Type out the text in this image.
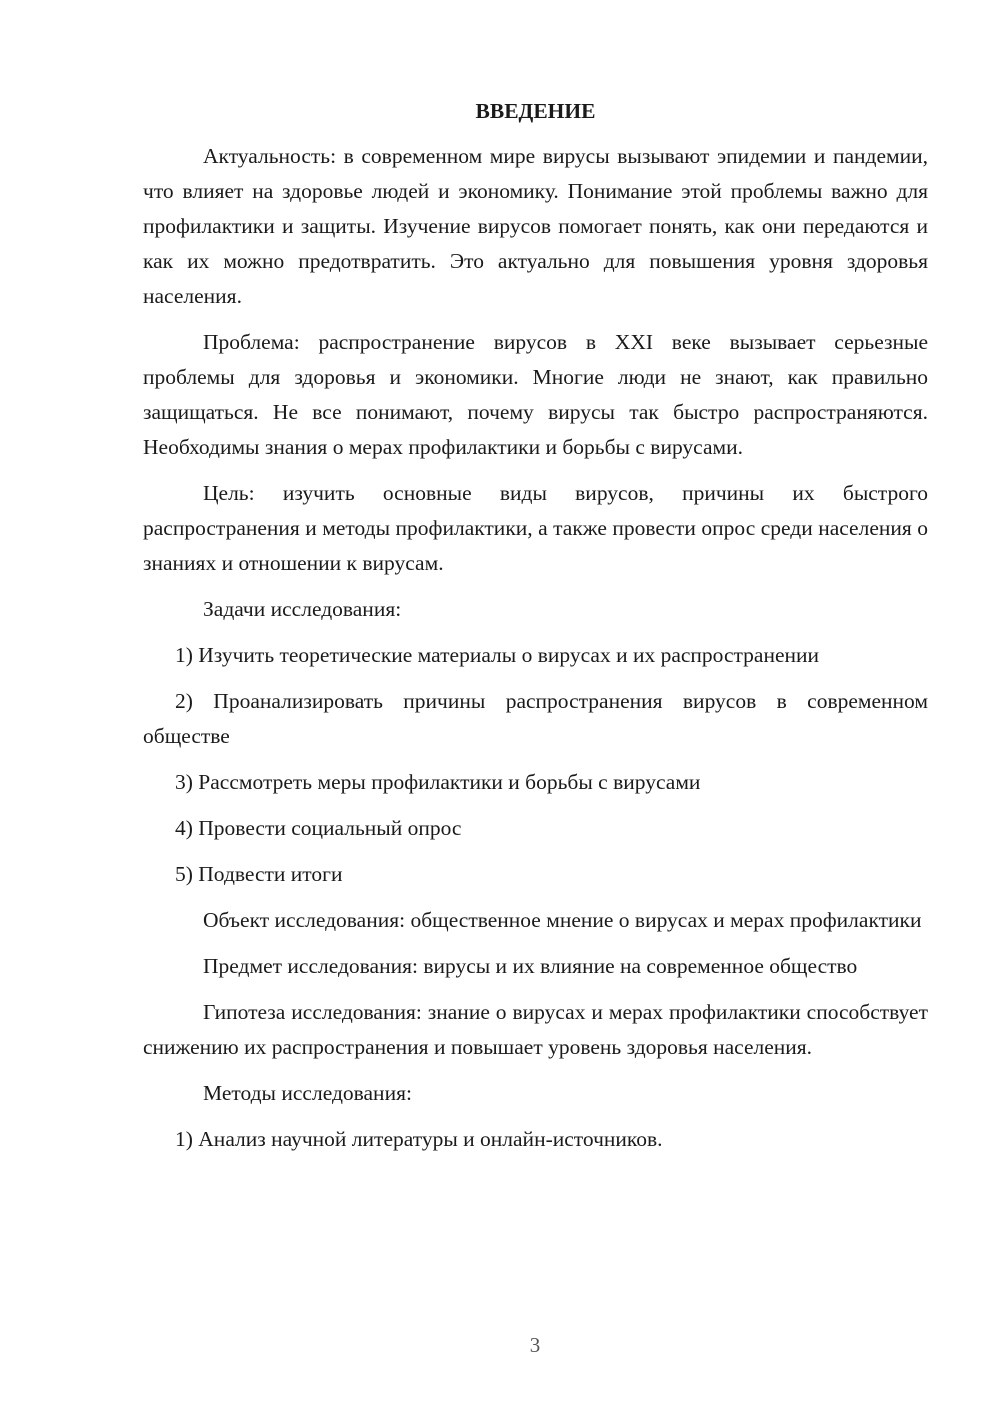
ВВЕДЕНИЕ

Актуальность: в современном мире вирусы вызывают эпидемии и пандемии, что влияет на здоровье людей и экономику. Понимание этой проблемы важно для профилактики и защиты. Изучение вирусов помогает понять, как они передаются и как их можно предотвратить. Это актуально для повышения уровня здоровья населения.

Проблема: распространение вирусов в XXI веке вызывает серьезные проблемы для здоровья и экономики. Многие люди не знают, как правильно защищаться. Не все понимают, почему вирусы так быстро распространяются. Необходимы знания о мерах профилактики и борьбы с вирусами.

Цель: изучить основные виды вирусов, причины их быстрого распространения и методы профилактики, а также провести опрос среди населения о знаниях и отношении к вирусам.

Задачи исследования:

1) Изучить теоретические материалы о вирусах и их распространении

2) Проанализировать причины распространения вирусов в современном обществе

3) Рассмотреть меры профилактики и борьбы с вирусами

4) Провести социальный опрос

5) Подвести итоги

Объект исследования: общественное мнение о вирусах и мерах профилактики

Предмет исследования: вирусы и их влияние на современное общество

Гипотеза исследования: знание о вирусах и мерах профилактики способствует снижению их распространения и повышает уровень здоровья населения.

Методы исследования:

1) Анализ научной литературы и онлайн-источников.

3
